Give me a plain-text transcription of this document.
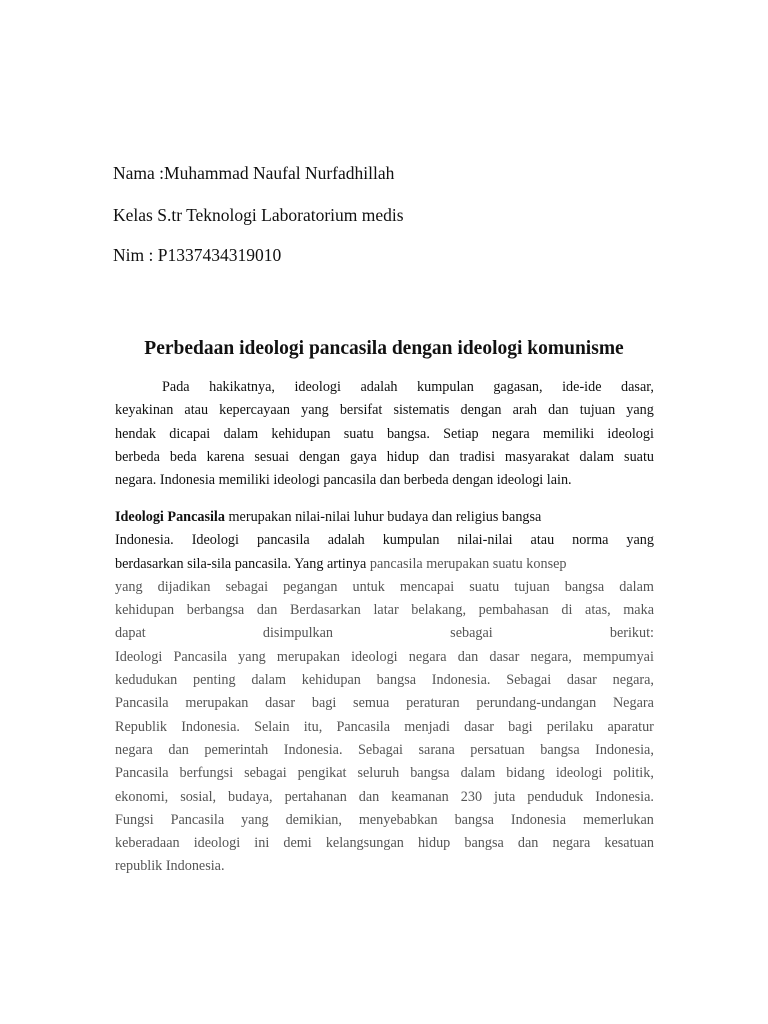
Nama :Muhammad Naufal Nurfadhillah
Kelas S.tr Teknologi Laboratorium medis
Nim : P1337434319010
Perbedaan ideologi pancasila dengan ideologi komunisme
Pada hakikatnya, ideologi adalah kumpulan gagasan, ide-ide dasar,
keyakinan atau kepercayaan yang bersifat sistematis dengan arah dan tujuan yang
hendak dicapai dalam kehidupan suatu bangsa. Setiap negara memiliki ideologi
berbeda beda karena sesuai dengan gaya hidup dan tradisi masyarakat dalam suatu
negara. Indonesia memiliki ideologi pancasila dan berbeda dengan ideologi lain.
Ideologi Pancasila merupakan nilai-nilai luhur budaya dan religius bangsa
Indonesia. Ideologi pancasila adalah kumpulan nilai-nilai atau norma yang
berdasarkan sila-sila pancasila. Yang artinya pancasila merupakan suatu konsep
yang dijadikan sebagai pegangan untuk mencapai suatu tujuan bangsa dalam
kehidupan berbangsa dan Berdasarkan latar belakang, pembahasan di atas, maka
dapat	disimpulkan	sebagai	berikut:
Ideologi Pancasila yang merupakan ideologi negara dan dasar negara, mempumyai
kedudukan penting dalam kehidupan bangsa Indonesia. Sebagai dasar negara,
Pancasila merupakan dasar bagi semua peraturan perundang-undangan Negara
Republik Indonesia. Selain itu, Pancasila menjadi dasar bagi perilaku aparatur
negara dan pemerintah Indonesia. Sebagai sarana persatuan bangsa Indonesia,
Pancasila berfungsi sebagai pengikat seluruh bangsa dalam bidang ideologi politik,
ekonomi, sosial, budaya, pertahanan dan keamanan 230 juta penduduk Indonesia.
Fungsi Pancasila yang demikian, menyebabkan bangsa Indonesia memerlukan
keberadaan ideologi ini demi kelangsungan hidup bangsa dan negara kesatuan
republik Indonesia.
